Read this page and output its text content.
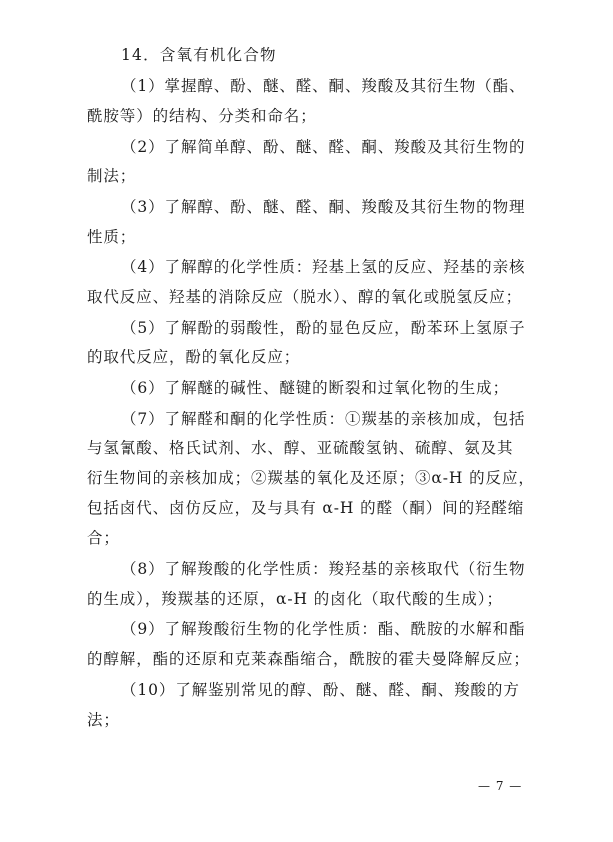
14．含氧有机化合物
（1）掌握醇、酚、醚、醛、酮、羧酸及其衍生物（酯、
酰胺等）的结构、分类和命名；
（2）了解简单醇、酚、醚、醛、酮、羧酸及其衍生物的
制法；
（3）了解醇、酚、醚、醛、酮、羧酸及其衍生物的物理
性质；
（4）了解醇的化学性质：羟基上氢的反应、羟基的亲核
取代反应、羟基的消除反应（脱水）、醇的氧化或脱氢反应；
（5）了解酚的弱酸性，酚的显色反应，酚苯环上氢原子
的取代反应，酚的氧化反应；
（6）了解醚的碱性、醚键的断裂和过氧化物的生成；
（7）了解醛和酮的化学性质：①羰基的亲核加成，包括
与氢氰酸、格氏试剂、水、醇、亚硫酸氢钠、硫醇、氨及其
衍生物间的亲核加成；②羰基的氧化及还原；③α-H 的反应，
包括卤代、卤仿反应，及与具有 α-H 的醛（酮）间的羟醛缩
合；
（8）了解羧酸的化学性质：羧羟基的亲核取代（衍生物
的生成），羧羰基的还原，α-H 的卤化（取代酸的生成）；
（9）了解羧酸衍生物的化学性质：酯、酰胺的水解和酯
的醇解，酯的还原和克莱森酯缩合，酰胺的霍夫曼降解反应；
（10）了解鉴别常见的醇、酚、醚、醛、酮、羧酸的方
法；
— 7 —
